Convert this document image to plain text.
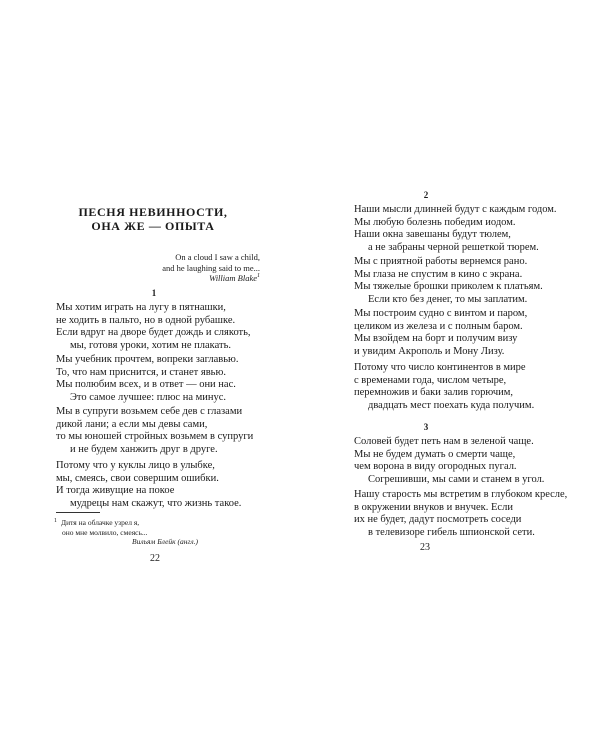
ПЕСНЯ НЕВИННОСТИ,
ОНА ЖЕ — ОПЫТА
On a cloud I saw a child,
and he laughing said to me...
William Blake$^1$
1
Мы хотим играть на лугу в пятнашки,
не ходить в пальто, но в одной рубашке.
Если вдруг на дворе будет дождь и слякоть,
мы, готовя уроки, хотим не плакать.
Мы учебник прочтем, вопреки заглавью.
То, что нам приснится, и станет явью.
Мы полюбим всех, и в ответ — они нас.
Это самое лучшее: плюс на минус.
Мы в супруги возьмем себе дев с глазами
дикой лани; а если мы девы сами,
то мы юношей стройных возьмем в супруги
и не будем ханжить друг в друге.
Потому что у куклы лицо в улыбке,
мы, смеясь, свои совершим ошибки.
И тогда живущие на покое
мудрецы нам скажут, что жизнь такое.
$^1$ Дитя на облачке узрел я,
оно мне молвило, смеясь...
Вильям Блейк (англ.)
22
2
Наши мысли длинней будут с каждым годом.
Мы любую болезнь победим иодом.
Наши окна завешаны будут тюлем,
а не забраны черной решеткой тюрем.
Мы с приятной работы вернемся рано.
Мы глаза не спустим в кино с экрана.
Мы тяжелые брошки приколем к платьям.
Если кто без денег, то мы заплатим.
Мы построим судно с винтом и паром,
целиком из железа и с полным баром.
Мы взойдем на борт и получим визу
и увидим Акрополь и Мону Лизу.
Потому что число континентов в мире
с временами года, числом четыре,
перемножив и баки залив горючим,
двадцать мест поехать куда получим.
3
Соловей будет петь нам в зеленой чаще.
Мы не будем думать о смерти чаще,
чем ворона в виду огородных пугал.
Согрешивши, мы сами и станем в угол.
Нашу старость мы встретим в глубоком кресле,
в окружении внуков и внучек. Если
их не будет, дадут посмотреть соседи
в телевизоре гибель шпионской сети.
23
